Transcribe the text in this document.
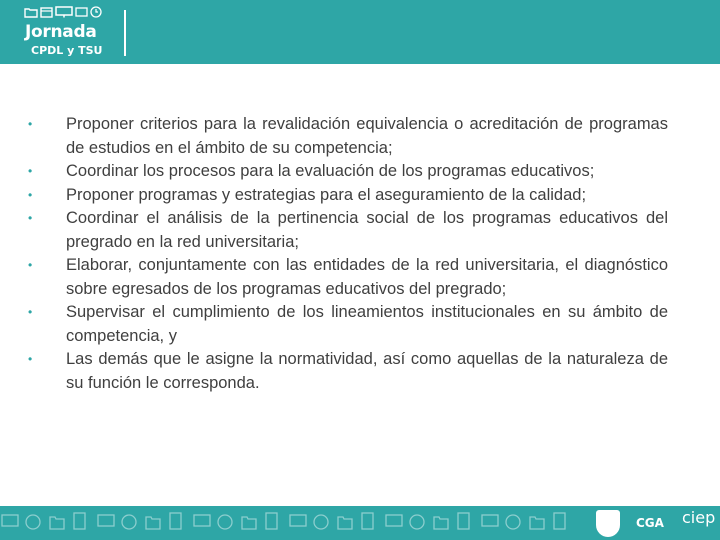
Jornada
CPDL y TSU
• Proponer criterios para la revalidación equivalencia o acreditación de programas de estudios en el ámbito de su competencia;
• Coordinar los procesos para la evaluación de los programas educativos;
• Proponer programas y estrategias para el aseguramiento de la calidad;
• Coordinar el análisis de la pertinencia social de los programas educativos del pregrado en la red universitaria;
• Elaborar, conjuntamente con las entidades de la red universitaria, el diagnóstico sobre egresados de los programas educativos del pregrado;
• Supervisar el cumplimiento de los lineamientos institucionales en su ámbito de competencia, y
• Las demás que le asigne la normatividad, así como aquellas de la naturaleza de su función le corresponda.
CGA ciep
